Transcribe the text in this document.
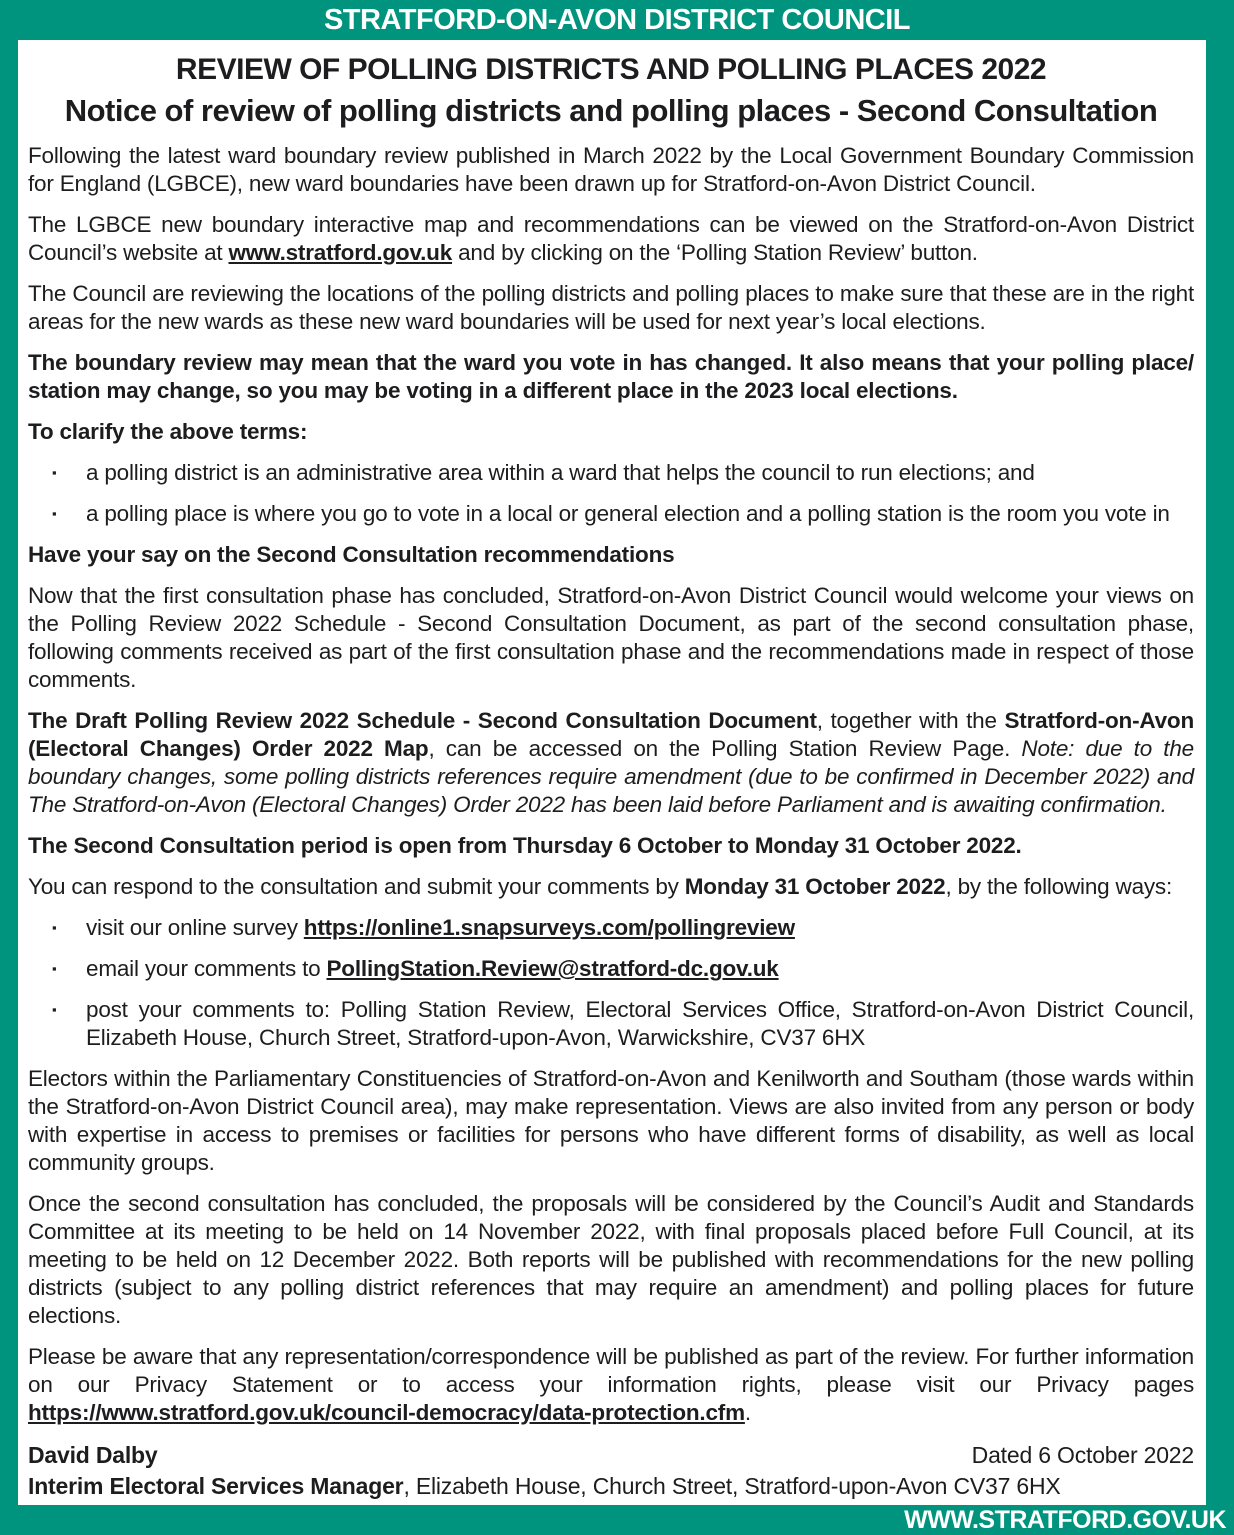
STRATFORD-ON-AVON DISTRICT COUNCIL
REVIEW OF POLLING DISTRICTS AND POLLING PLACES 2022
Notice of review of polling districts and polling places - Second Consultation

Following the latest ward boundary review published in March 2022 by the Local Government Boundary Commission for England (LGBCE), new ward boundaries have been drawn up for Stratford-on-Avon District Council.

The LGBCE new boundary interactive map and recommendations can be viewed on the Stratford-on-Avon District Council’s website at www.stratford.gov.uk and by clicking on the ‘Polling Station Review’ button.

The Council are reviewing the locations of the polling districts and polling places to make sure that these are in the right areas for the new wards as these new ward boundaries will be used for next year’s local elections.

The boundary review may mean that the ward you vote in has changed. It also means that your polling place/ station may change, so you may be voting in a different place in the 2023 local elections.

To clarify the above terms:

▪	a polling district is an administrative area within a ward that helps the council to run elections; and
▪	a polling place is where you go to vote in a local or general election and a polling station is the room you vote in

Have your say on the Second Consultation recommendations

Now that the first consultation phase has concluded, Stratford-on-Avon District Council would welcome your views on the Polling Review 2022 Schedule - Second Consultation Document, as part of the second consultation phase, following comments received as part of the first consultation phase and the recommendations made in respect of those comments.

The Draft Polling Review 2022 Schedule - Second Consultation Document, together with the Stratford-on-Avon (Electoral Changes) Order 2022 Map, can be accessed on the Polling Station Review Page. Note: due to the boundary changes, some polling districts references require amendment (due to be confirmed in December 2022) and The Stratford-on-Avon (Electoral Changes) Order 2022 has been laid before Parliament and is awaiting confirmation.

The Second Consultation period is open from Thursday 6 October to Monday 31 October 2022.

You can respond to the consultation and submit your comments by Monday 31 October 2022, by the following ways:

▪	visit our online survey https://online1.snapsurveys.com/pollingreview
▪	email your comments to PollingStation.Review@stratford-dc.gov.uk
▪	post your comments to: Polling Station Review, Electoral Services Office, Stratford-on-Avon District Council, Elizabeth House, Church Street, Stratford-upon-Avon, Warwickshire, CV37 6HX

Electors within the Parliamentary Constituencies of Stratford-on-Avon and Kenilworth and Southam (those wards within the Stratford-on-Avon District Council area), may make representation. Views are also invited from any person or body with expertise in access to premises or facilities for persons who have different forms of disability, as well as local community groups.

Once the second consultation has concluded, the proposals will be considered by the Council’s Audit and Standards Committee at its meeting to be held on 14 November 2022, with final proposals placed before Full Council, at its meeting to be held on 12 December 2022. Both reports will be published with recommendations for the new polling districts (subject to any polling district references that may require an amendment) and polling places for future elections.

Please be aware that any representation/correspondence will be published as part of the review. For further information on our Privacy Statement or to access your information rights, please visit our Privacy pages https://www.stratford.gov.uk/council-democracy/data-protection.cfm.

David Dalby	Dated 6 October 2022
Interim Electoral Services Manager, Elizabeth House, Church Street, Stratford-upon-Avon CV37 6HX
WWW.STRATFORD.GOV.UK
